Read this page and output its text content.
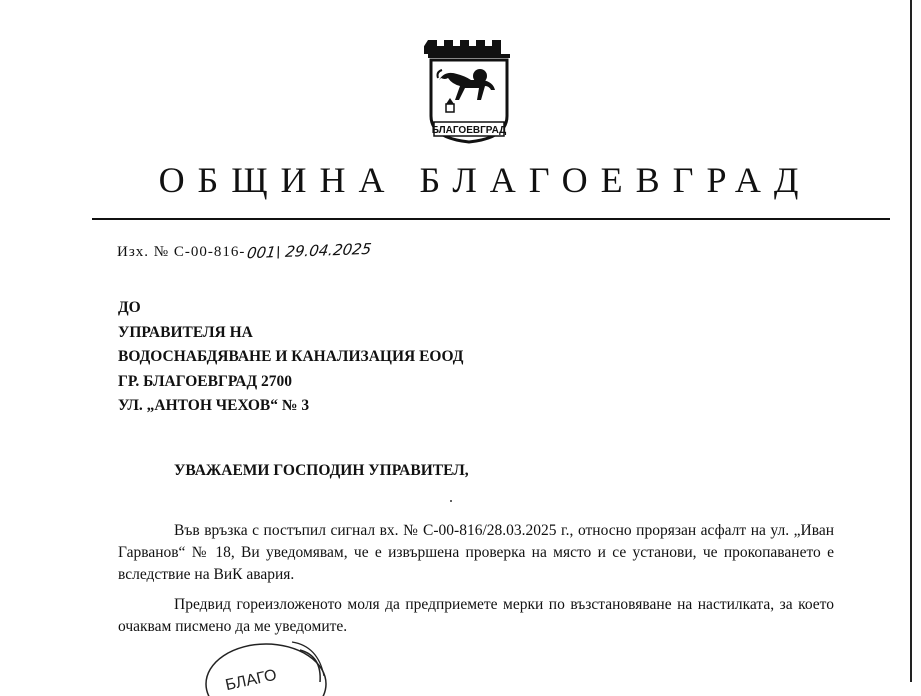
БЛАГОЕВГРАД
ОБЩИНА БЛАГОЕВГРАД
Изх. № С-00-816-001\ 29.04.2025
ДО
УПРАВИТЕЛЯ НА
ВОДОСНАБДЯВАНЕ И КАНАЛИЗАЦИЯ ЕООД
ГР. БЛАГОЕВГРАД 2700
УЛ. „АНТОН ЧЕХОВ“ № 3
УВАЖАЕМИ ГОСПОДИН УПРАВИТЕЛ,

Във връзка с постъпил сигнал вх. № С-00-816/28.03.2025 г., относно прорязан асфалт на ул. „Иван Гарванов“ № 18, Ви уведомявам, че е извършена проверка на място и се установи, че прокопаването е вследствие на ВиК авария.

Предвид гореизложеното моля да предприемете мерки по възстановяване на настилката, за което очаквам писмено да ме уведомите.

БЛАГО
